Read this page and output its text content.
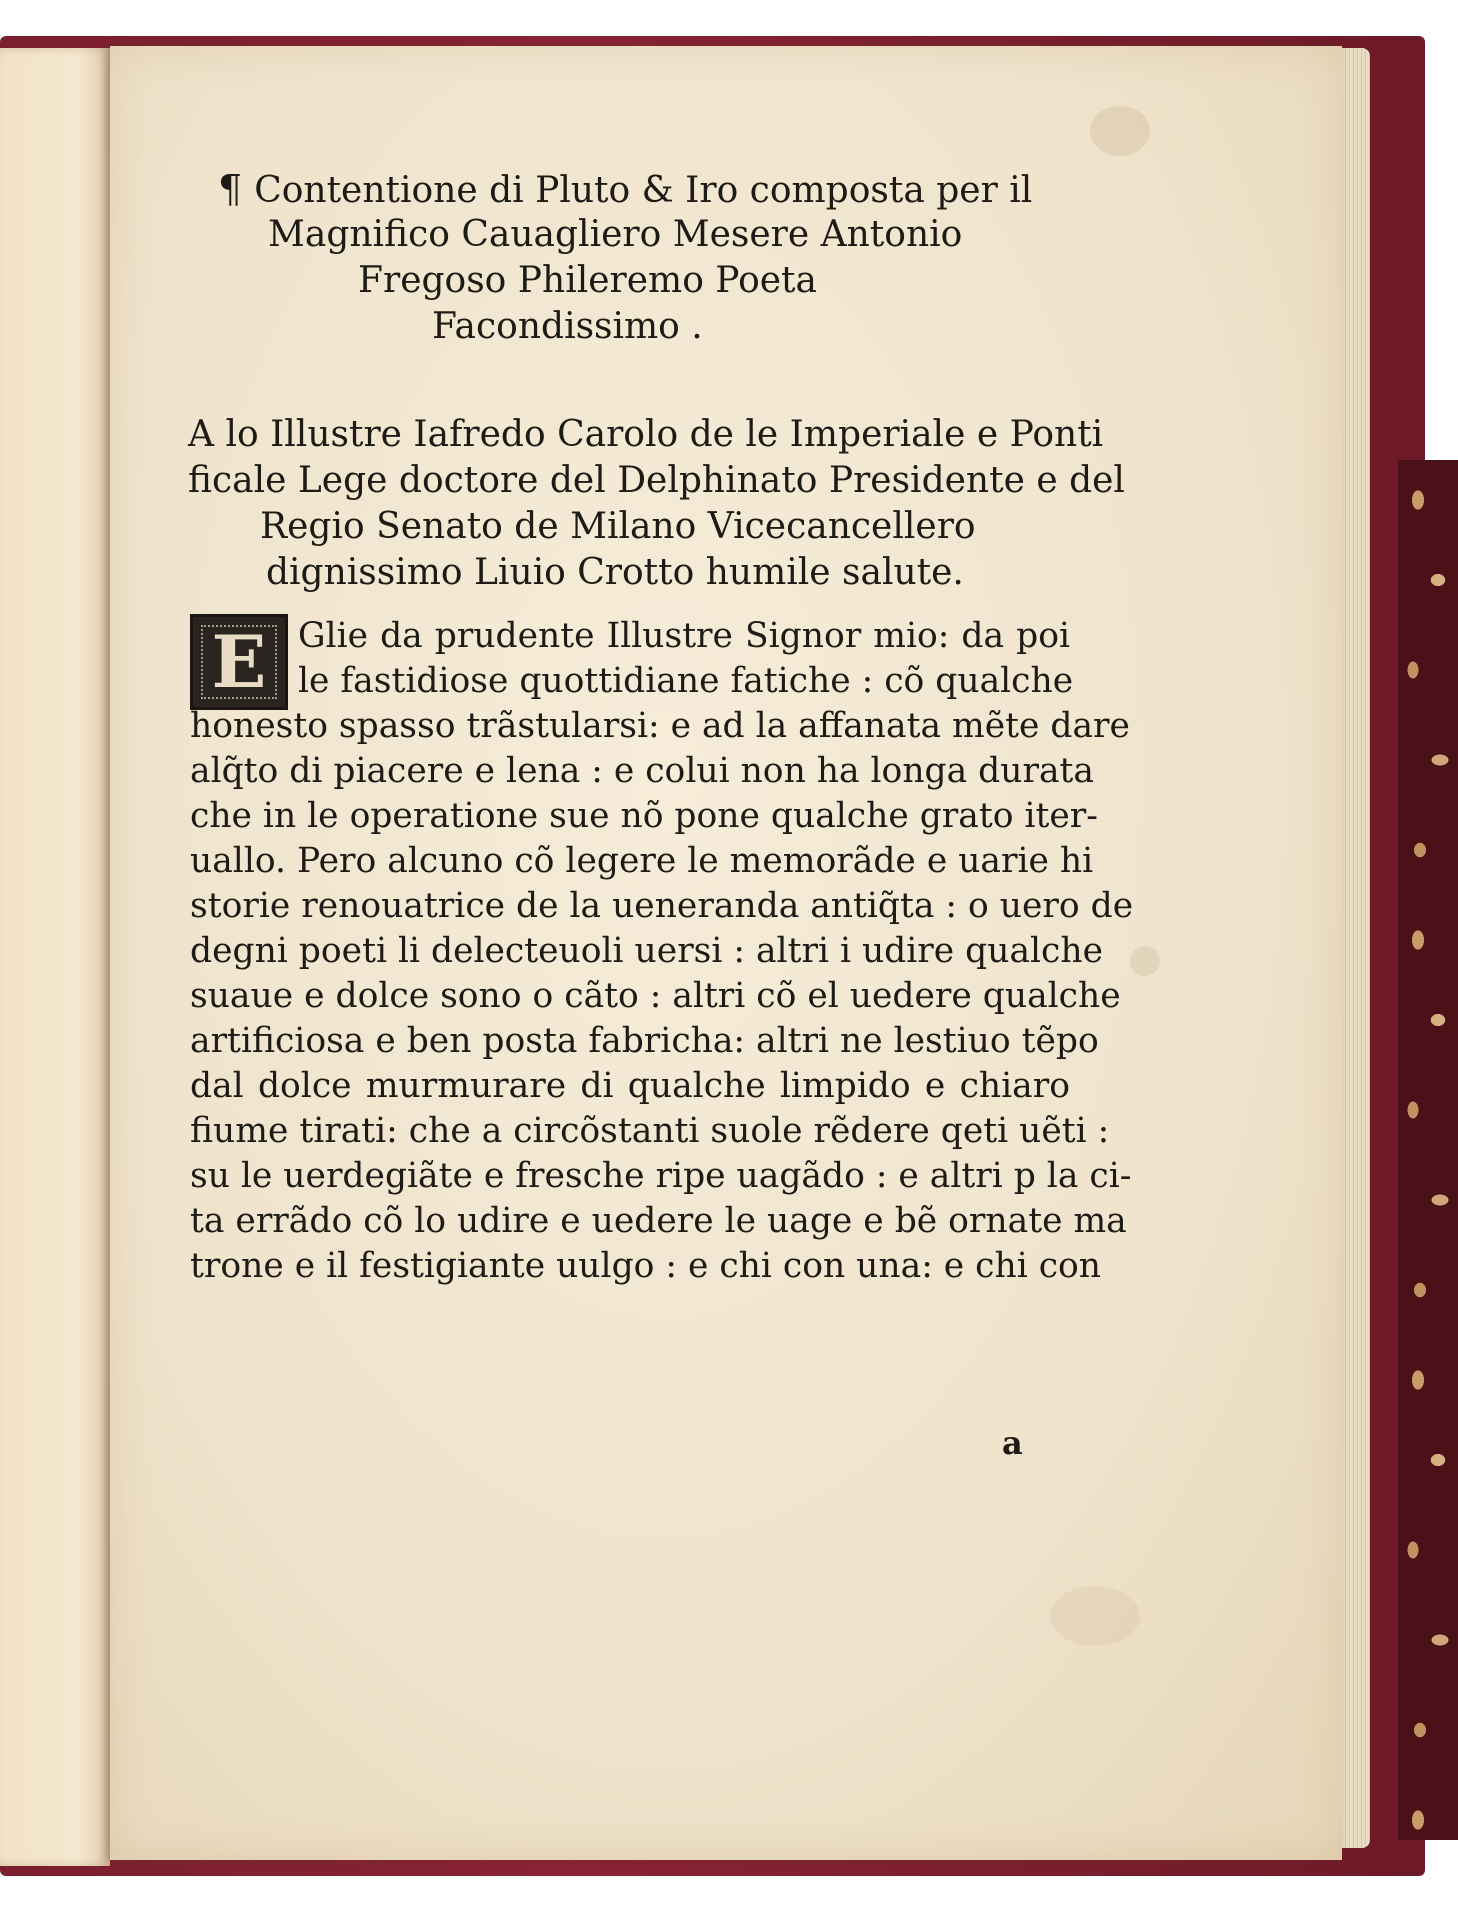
¶ Contentione di Pluto & Iro composta per il
Magnifico Cauagliero Mesere Antonio
Fregoso Phileremo Poeta
Facondissimo .
A lo Illustre Iafredo Carolo de le Imperiale e Ponti
ficale Lege doctore del Delphinato Presidente e del
Regio Senato de Milano Vicecancellero
dignissimo Liuio Crotto humile salute.
E Glie da prudente Illustre Signor mio: da poi
le fastidiose quottidiane fatiche : cõ qualche
honesto spasso trãstularsi: e ad la affanata mẽte dare
alq̃to di piacere e lena : e colui non ha longa durata
che in le operatione sue nõ pone qualche grato iter-
uallo. Pero alcuno cõ legere le memorãde e uarie hi
storie renouatrice de la ueneranda antiq̃ta : o uero de
degni poeti li delecteuoli uersi : altri i udire qualche
suaue e dolce sono o cãto : altri cõ el uedere qualche
artificiosa e ben posta fabricha: altri ne lestiuo tẽpo
dal dolce murmurare di qualche limpido e chiaro
fiume tirati: che a circõstanti suole rẽdere qeti uẽti :
su le uerdegiãte e fresche ripe uagãdo : e altri p la ci-
ta errãdo cõ lo udire e uedere le uage e bẽ ornate ma
trone e il festigiante uulgo : e chi con una: e chi con
a
